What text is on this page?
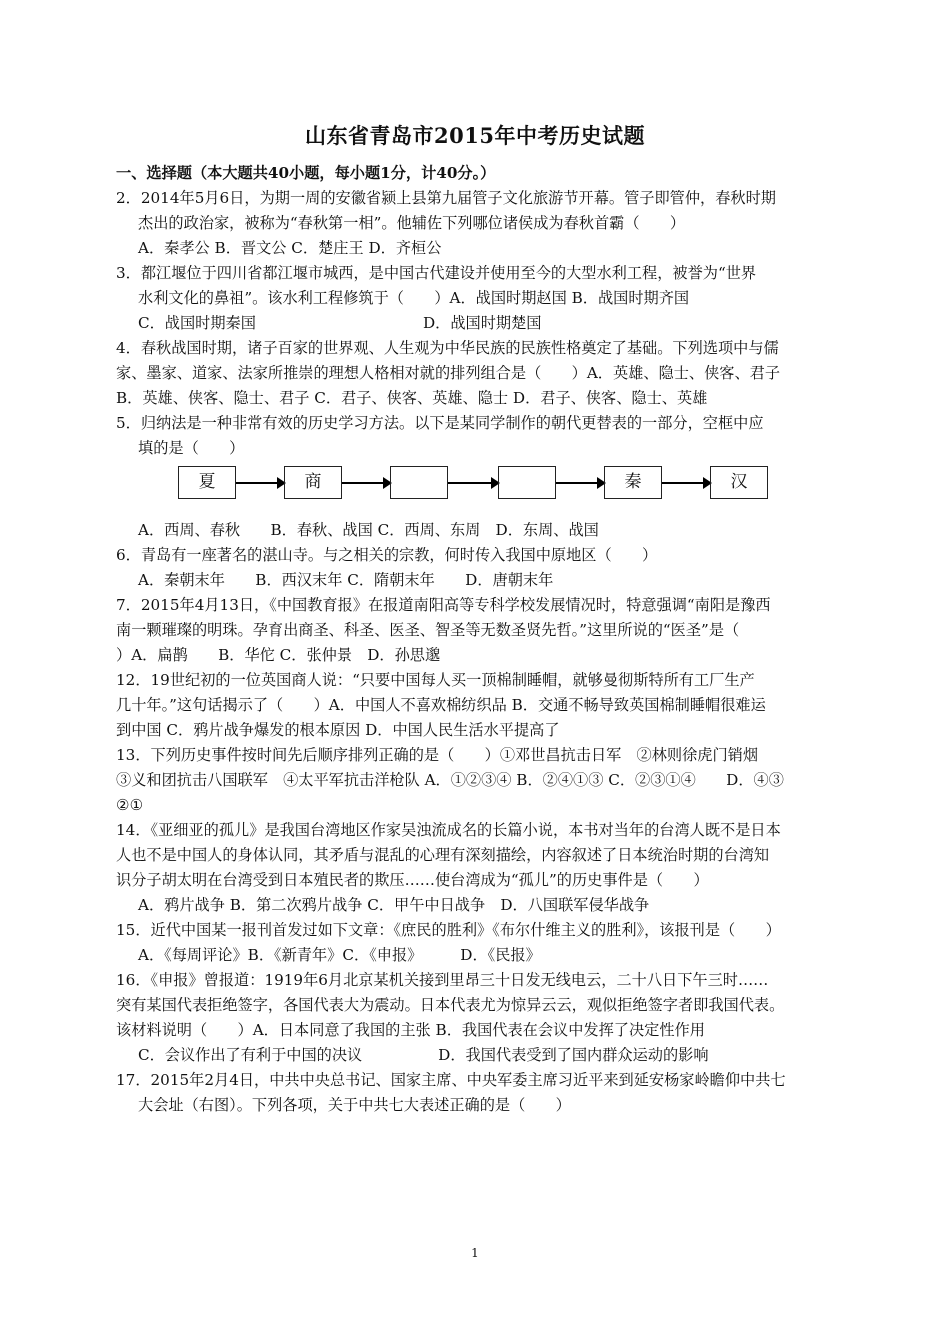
山东省青岛市2015年中考历史试题
一、选择题（本大题共40小题，每小题1分，计40分。）
2．2014年5月6日，为期一周的安徽省颍上县第九届管子文化旅游节开幕。管子即管仲，春秋时期
杰出的政治家，被称为“春秋第一相”。他辅佐下列哪位诸侯成为春秋首霸（　　）
A．秦孝公 B．晋文公 C．楚庄王 D．齐桓公
3．都江堰位于四川省都江堰市城西，是中国古代建设并使用至今的大型水利工程，被誉为“世界
水利文化的鼻祖”。该水利工程修筑于（　　）A．战国时期赵国 B．战国时期齐国
C．战国时期秦国　　　　　　　　　　　D．战国时期楚国
4．春秋战国时期，诸子百家的世界观、人生观为中华民族的民族性格奠定了基础。下列选项中与儒
家、墨家、道家、法家所推崇的理想人格相对就的排列组合是（　　）A．英雄、隐士、侠客、君子
B．英雄、侠客、隐士、君子 C．君子、侠客、英雄、隐士 D．君子、侠客、隐士、英雄
5．归纳法是一种非常有效的历史学习方法。以下是某同学制作的朝代更替表的一部分，空框中应
填的是（　　）
夏	商	秦	汉
A．西周、春秋　　B．春秋、战国 C．西周、东周　D．东周、战国
6．青岛有一座著名的湛山寺。与之相关的宗教，何时传入我国中原地区（　　）
A．秦朝末年　　B．西汉末年 C．隋朝末年　　D．唐朝末年
7．2015年4月13日，《中国教育报》在报道南阳高等专科学校发展情况时，特意强调“南阳是豫西
南一颗璀璨的明珠。孕育出商圣、科圣、医圣、智圣等无数圣贤先哲。”这里所说的“医圣”是（
）A．扁鹊　　B．华佗 C．张仲景　D．孙思邈
12．19世纪初的一位英国商人说：“只要中国每人买一顶棉制睡帽，就够曼彻斯特所有工厂生产
几十年。”这句话揭示了（　　）A．中国人不喜欢棉纺织品 B．交通不畅导致英国棉制睡帽很难运
到中国 C．鸦片战争爆发的根本原因 D．中国人民生活水平提高了
13．下列历史事件按时间先后顺序排列正确的是（　　）①邓世昌抗击日军　②林则徐虎门销烟
③义和团抗击八国联军　④太平军抗击洋枪队 A．①②③④ B．②④①③ C．②③①④　　D．④③
②①
14．《亚细亚的孤儿》是我国台湾地区作家吴浊流成名的长篇小说，本书对当年的台湾人既不是日本
人也不是中国人的身体认同，其矛盾与混乱的心理有深刻描绘，内容叙述了日本统治时期的台湾知
识分子胡太明在台湾受到日本殖民者的欺压……使台湾成为“孤儿”的历史事件是（　　）
A．鸦片战争 B．第二次鸦片战争 C．甲午中日战争　D．八国联军侵华战争
15．近代中国某一报刊首发过如下文章：《庶民的胜利》《布尔什维主义的胜利》，该报刊是（　　）
A．《每周评论》B．《新青年》C．《申报》　　　D．《民报》
16．《申报》曾报道：1919年6月北京某机关接到里昂三十日发无线电云，二十八日下午三时……
突有某国代表拒绝签字，各国代表大为震动。日本代表尤为惊异云云，观似拒绝签字者即我国代表。
该材料说明（　　）A．日本同意了我国的主张 B．我国代表在会议中发挥了决定性作用
C．会议作出了有利于中国的决议　　　　　D．我国代表受到了国内群众运动的影响
17．2015年2月4日，中共中央总书记、国家主席、中央军委主席习近平来到延安杨家岭瞻仰中共七
大会址（右图）。下列各项，关于中共七大表述正确的是（　　）
1
